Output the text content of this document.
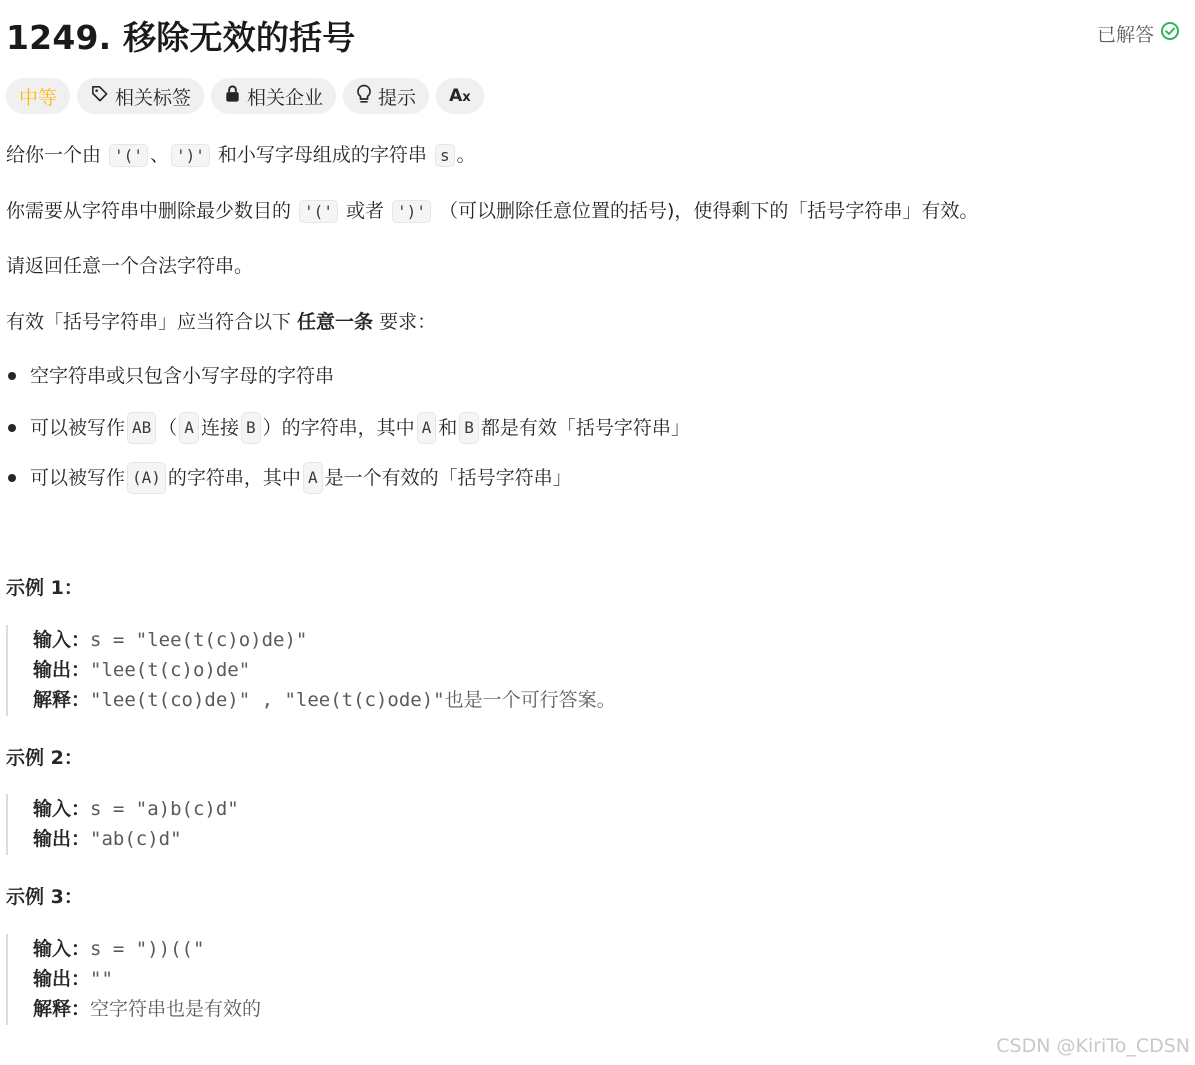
1249. 移除无效的括号	已解答
中等	相关标签	相关企业	提示 Ax
给你一个由 '(' 、 ')' 和小写字母组成的字符串 s 。
你需要从字符串中删除最少数目的 '(' 或者 ')' （可以删除任意位置的括号)，使得剩下的「括号字符串」有效。
请返回任意一个合法字符串。
有效「括号字符串」应当符合以下 任意一条 要求：
空字符串或只包含小写字母的字符串
可以被写作 AB （ A 连接 B ）的字符串，其中 A 和 B 都是有效「括号字符串」
可以被写作 (A) 的字符串，其中 A 是一个有效的「括号字符串」
示例 1：
输入： s = "lee(t(c)o)de)"
输出： "lee(t(c)o)de"
解释： "lee(t(co)de)" , "lee(t(c)ode)" 也是一个可行答案。
示例 2：
输入： s = "a)b(c)d"
输出： "ab(c)d"
示例 3：
输入： s = "))(("
输出： ""
解释： 空字符串也是有效的
CSDN @KiriTo_CDSN
